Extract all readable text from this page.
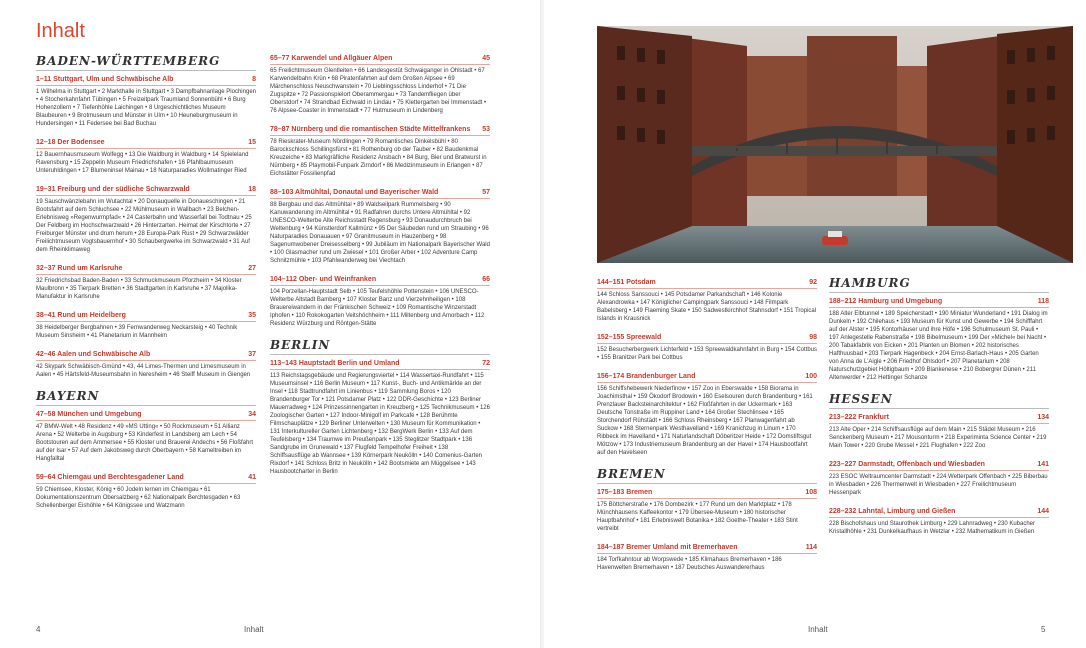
Inhalt
BADEN-WÜRTTEMBERG
1–11 Stuttgart, Ulm und Schwäbische Alb	8

1 Wilhelma in Stuttgart • 2 Markthalle in Stuttgart • 3 Dampfbahnanlage Plochingen • 4 Stocherkahnfahrt Tübingen • 5 Freizeitpark Traumland Sonnenbühl • 6 Burg Hohenzollern • 7 Tiefenhöhle Laichingen • 8 Urgeschichtliches Museum Blaubeuren • 9 Brotmuseum und Münster in Ulm • 10 Heuneburgmuseum in Hundersingen • 11 Federsee bei Bad Buchau

12–18 Der Bodensee	15

12 Bauernhausmuseum Wolfegg • 13 Die Waldburg in Waldburg • 14 Spieleland Ravensburg • 15 Zeppelin Museum Friedrichshafen • 16 Pfahlbaumuseum Unteruhldingen • 17 Blumeninsel Mainau • 18 Naturparadies Wollmatinger Ried

19–31 Freiburg und der südliche Schwarzwald	18

19 Sauschwänzlebahn im Wutachtal • 20 Donauquelle in Donaueschingen • 21 Bootsfahrt auf dem Schluchsee • 22 Mühlmuseum in Wallbach • 23 Belchen-Erlebnisweg »Regenwurmpfad« • 24 Casterbahn und Wasserfall bei Todtnau • 25 Der Feldberg im Hochschwarzwald • 26 Hinterzarten. Heimat der Kirschtorte • 27 Freiburger Münster und drum herum • 28 Europa-Park Rust • 29 Schwarzwälder Freilichtmuseum Vogtsbauernhof • 30 Schaubergwerke im Schwarzwald • 31 Auf dem Rheinklimaweg

32–37 Rund um Karlsruhe	27

32 Friedrichsbad Baden-Baden • 33 Schmuckmuseum Pforzheim • 34 Kloster Maulbronn • 35 Tierpark Bretten • 36 Stadtgarten in Karlsruhe • 37 Majolika-Manufaktur in Karlsruhe

38–41 Rund um Heidelberg	35

38 Heidelberger Bergbahnen • 39 Fernwanderweg Neckarsteig • 40 Technik Museum Sinsheim • 41 Planetarium in Mannheim

42–46 Aalen und Schwäbische Alb	37

42 Skypark Schwäbisch-Gmünd • 43, 44 Limes-Thermen und Limesmuseum in Aalen • 45 Härtsfeld-Museumsbahn in Neresheim • 46 Steiff Museum in Giengen

BAYERN
47–58 München und Umgebung	34

47 BMW-Welt • 48 Residenz • 49 »MS Utting« • 50 Rockmuseum • 51 Allianz Arena • 52 Welterbe in Augsburg • 53 Kinderfest in Landsberg am Lech • 54 Bootstouren auf dem Ammersee • 55 Kloster und Brauerei Andechs • 56 Floßfahrt auf der Isar • 57 Auf dem Jakobsweg durch Oberbayern • 58 Kameltreiben im Hangfalltal

59–64 Chiemgau und Berchtesgadener Land	41

59 Chiemsee, Kloster, König • 60 Jodeln lernen im Chiemgau • 61 Dokumentationszentrum Obersalzberg • 62 Nationalpark Berchtesgaden • 63 Schellenberger Eishöhle • 64 Königssee und Watzmann

65–77 Karwendel und Allgäuer Alpen	45

65 Freilichtmuseum Glentleiten • 66 Landesgestüt Schwaiganger in Ohlstadt • 67 Karwendelbahn Krün • 68 Piratenfahrten auf dem Großen Alpsee • 69 Märchenschloss Neuschwanstein • 70 Lieblingsschloss Linderhof • 71 Die Zugspitze • 72 Passionspielort Oberammergau • 73 Tandemfliegen über Oberstdorf • 74 Strandbad Eichwald in Lindau • 75 Klettergarten bei Immenstadt • 76 Alpsee-Coaster in Immenstadt • 77 Hutmuseum in Lindenberg

78–87 Nürnberg und die romantischen Städte Mittelfrankens 53

78 Rieskrater-Museum Nördlingen • 79 Romantisches Dinkelsbühl • 80 Barockschloss Schillingsfürst • 81 Rothenburg ob der Tauber • 82 Baudenkmal Kreuzeiche • 83 Markgräfliche Residenz Ansbach • 84 Burg, Bier und Bratwurst in Nürnberg • 85 Playmobil-Funpark Zirndorf • 86 Medizinmuseum in Erlangen • 87 Eichstätter Fossilienpfad

88–103 Altmühltal, Donautal und Bayerischer Wald	57

88 Bergbau und das Altmühltal • 89 Waldseilpark Rummelsberg • 90 Kanuwanderung im Altmühltal • 91 Radfahren durchs Untere Altmühltal • 92 UNESCO-Welterbe Alte Reichsstadt Regensburg • 93 Donaudurchbruch bei Weltenburg • 94 Künstlerdorf Kallmünz • 95 Der Säubeden rund um Straubing • 96 Naturparadies Donauauen • 97 Granitmuseum in Hauzenberg • 98 Sagenumwobener Dreisesselberg • 99 Jubiläum im Nationalpark Bayerischer Wald • 100 Glasmacher rund um Zwiesel • 101 Großer Arber • 102 Adventure Camp Schnitzmühle • 103 Pfahlwanderweg bei Viechtach

104–112 Ober- und Weinfranken	66

104 Porzellan-Hauptstadt Selb • 105 Teufelshöhle Pottenstein • 106 UNESCO-Welterbe Altstadt Bamberg • 107 Kloster Banz und Vierzehnheiligen • 108 Brauereiwandern in der Fränkischen Schweiz • 109 Romantische Winzerstadt Iphofen • 110 Rokokogarten Veitshöchheim • 111 Miltenberg und Amorbach • 112 Residenz Würzburg und Röntgen-Stätte

BERLIN
113–143 Hauptstadt Berlin und Umland	72

113 Reichstagsgebäude und Regierungsviertel • 114 Wassertaxi-Rundfahrt • 115 Museumsinsel • 116 Berlin Museum • 117 Kunst-, Buch- und Antikmärkte an der Insel • 118 Stadtrundfahrt im Linienbus • 119 Sammlung Boros • 120 Brandenburger Tor • 121 Potsdamer Platz • 122 DDR-Geschichte • 123 Berliner Mauerradweg • 124 Prinzessinnengarten in Kreuzberg • 125 Technikmuseum • 126 Zoologischer Garten • 127 Indoor-Minigolf im Parkcafé • 128 Berühmte Filmschauplätze • 129 Berliner Unterwelten • 130 Museum für Kommunikation • 131 Interkultureller Garten Lichtenberg • 132 BergWerk Berlin • 133 Auf dem Teufelsberg • 134 Traumwe im Preußenpark • 135 Steglitzer Stadtpark • 136 Sandgrube im Grunewald • 137 Flugfeld Tempelhofer Freiheit • 138 Schiffsausflüge ab Wannsee • 139 Körnerpark Neukölln • 140 Comenius-Garten Rixdorf • 141 Schloss Britz in Neukölln • 142 Bootsmiete am Müggelsee • 143 Hausbootcharter in Berlin

4	Inhalt
144–151 Potsdam	92

144 Schloss Sanssouci • 145 Potsdamer Parkandschaft • 146 Kolonie Alexandrowka • 147 Königlicher Campingpark Sanssouci • 148 Filmpark Babelsberg • 149 Flaeming Skate • 150 Sadwestkirchhof Stahnsdorf • 151 Tropical Islands in Krausnick

152–155 Spreewald	98

152 Besucherbergwerk Lichterfeld • 153 Spreewaldkahnfahrt in Burg • 154 Cottbus • 155 Branitzer Park bei Cottbus

156–174 Brandenburger Land	100

156 Schiffshebewerk Niederfinow • 157 Zoo in Eberswalde • 158 Biorama in Joachimsthal • 159 Ökodorf Brodowin • 160 Eselsouren durch Brandenburg • 161 Prenzlauer Backsteinarchitektur • 162 Floßfahrten in der Uckermark • 163 Deutsche Tonstraße im Ruppiner Land • 164 Großer Stechlinsee • 165 Storchendorf Rühstädt • 166 Schloss Rheinsberg • 167 Planwagenfahrt ab Suckow • 168 Sternenpark Westhavelland • 169 Kranichzug in Linum • 170 Ribbeck im Havelland • 171 Naturlandschaft Döberitzer Heide • 172 Domstiftsgut Mötzow • 173 Industriemuseum Brandenburg an der Havel • 174 Hausbootfahrt auf den Havelseen

BREMEN
175–183 Bremen	108

175 Böttcherstraße • 176 Dombezirk • 177 Rund um den Marktplatz • 178 Münchhausens Kaffeekontor • 179 Übersee-Museum • 180 historischer Hauptbahnhof • 181 Erlebniswelt Botanika • 182 Goethe-Theater • 183 Stint vertreibt

184–187 Bremer Umland mit Bremerhaven	114

184 Torfkahntour ab Worpswede • 185 Klimahaus Bremerhaven • 186 Havenwelten Bremerhaven • 187 Deutsches Auswandererhaus

HAMBURG
188–212 Hamburg und Umgebung	118

188 Alter Elbtunnel • 189 Speicherstadt • 190 Miniatur Wunderland • 191 Dialog im Dunkeln • 192 Chilehaus • 193 Museum für Kunst und Gewerbe • 194 Schifffahrt auf der Alster • 195 Kontorhäuser und ihre Höfe • 196 Schulmuseum St. Pauli • 197 Anlegestelle Rabenstraße • 198 Bibelmuseum • 199 Der »Michel« bei Nacht • 200 Tabakfabrik von Eicken • 201 Planten un Blomen • 202 historisches Hafthuusbad • 203 Tierpark Hagenbeck • 204 Ernst-Barlach-Haus • 205 Garten von Anna de L’Aigle • 206 Friedhof Ohlsdorf • 207 Planetarium • 208 Naturschutzgebiet Höltigbaum • 209 Blankenese • 210 Bobergrer Dünen • 211 Altenwerder • 212 Hettinger Schanze

HESSEN
213–222 Frankfurt	134

213 Alte Oper • 214 Schiffsausflüge auf dem Main • 215 Städel Museum • 216 Senckenberg Museum • 217 Mousonturm • 218 Experiminta Science Center • 219 Main Tower • 220 Grube Messel • 221 Flughafen • 222 Zoo

223–227 Darmstadt, Offenbach und Wiesbaden	141

223 ESOC Weltraumcenter Darmstadt • 224 Wetterpark Offenbach • 225 Biberbau in Wiesbaden • 226 Thermenwelt in Wiesbaden • 227 Freilichtmuseum Hessenpark

228–232 Lahntal, Limburg und Gießen	144

228 Bischofshaus und Staurothek Limburg • 229 Lahnradweg • 230 Kubacher Kristallhöhle • 231 Dunkelkaufhaus in Wetzlar • 232 Mathematikum in Gießen

Inhalt	5
